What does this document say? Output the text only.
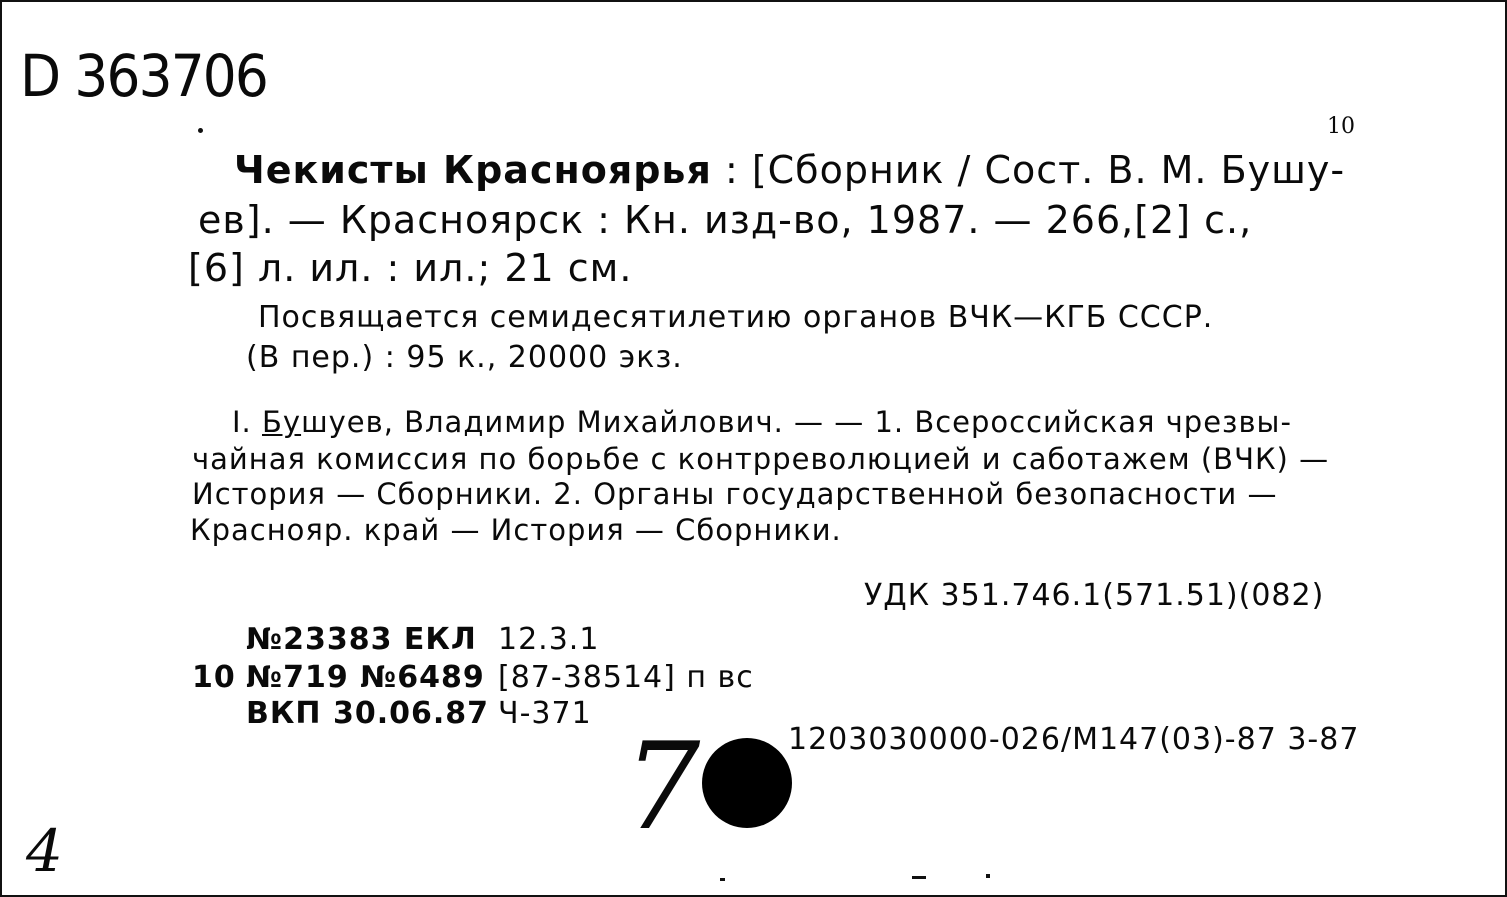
D 363706
10
Чекисты Красноярья : [Сборник / Сост. В. М. Бушу-
ев]. — Красноярск : Кн. изд-во, 1987. — 266,[2] с.,
[6] л. ил. : ил.; 21 см.
Посвящается семидесятилетию органов ВЧК—КГБ СССР.
(В пер.) : 95 к., 20000 экз.
I. Бушуев, Владимир Михайлович. — — 1. Всероссийская чрезвы-
чайная комиссия по борьбе с контрреволюцией и саботажем (ВЧК) —
История — Сборники. 2. Органы государственной безопасности —
Краснояр. край — История — Сборники.
УДК 351.746.1(571.51)(082)
№23383 ЕКЛ 12.3.1
10 №719 №6489 [87-38514] п вс
ВКП 30.06.87 Ч-371
1203030000-026/М147(03)-87 3-87
7
4
